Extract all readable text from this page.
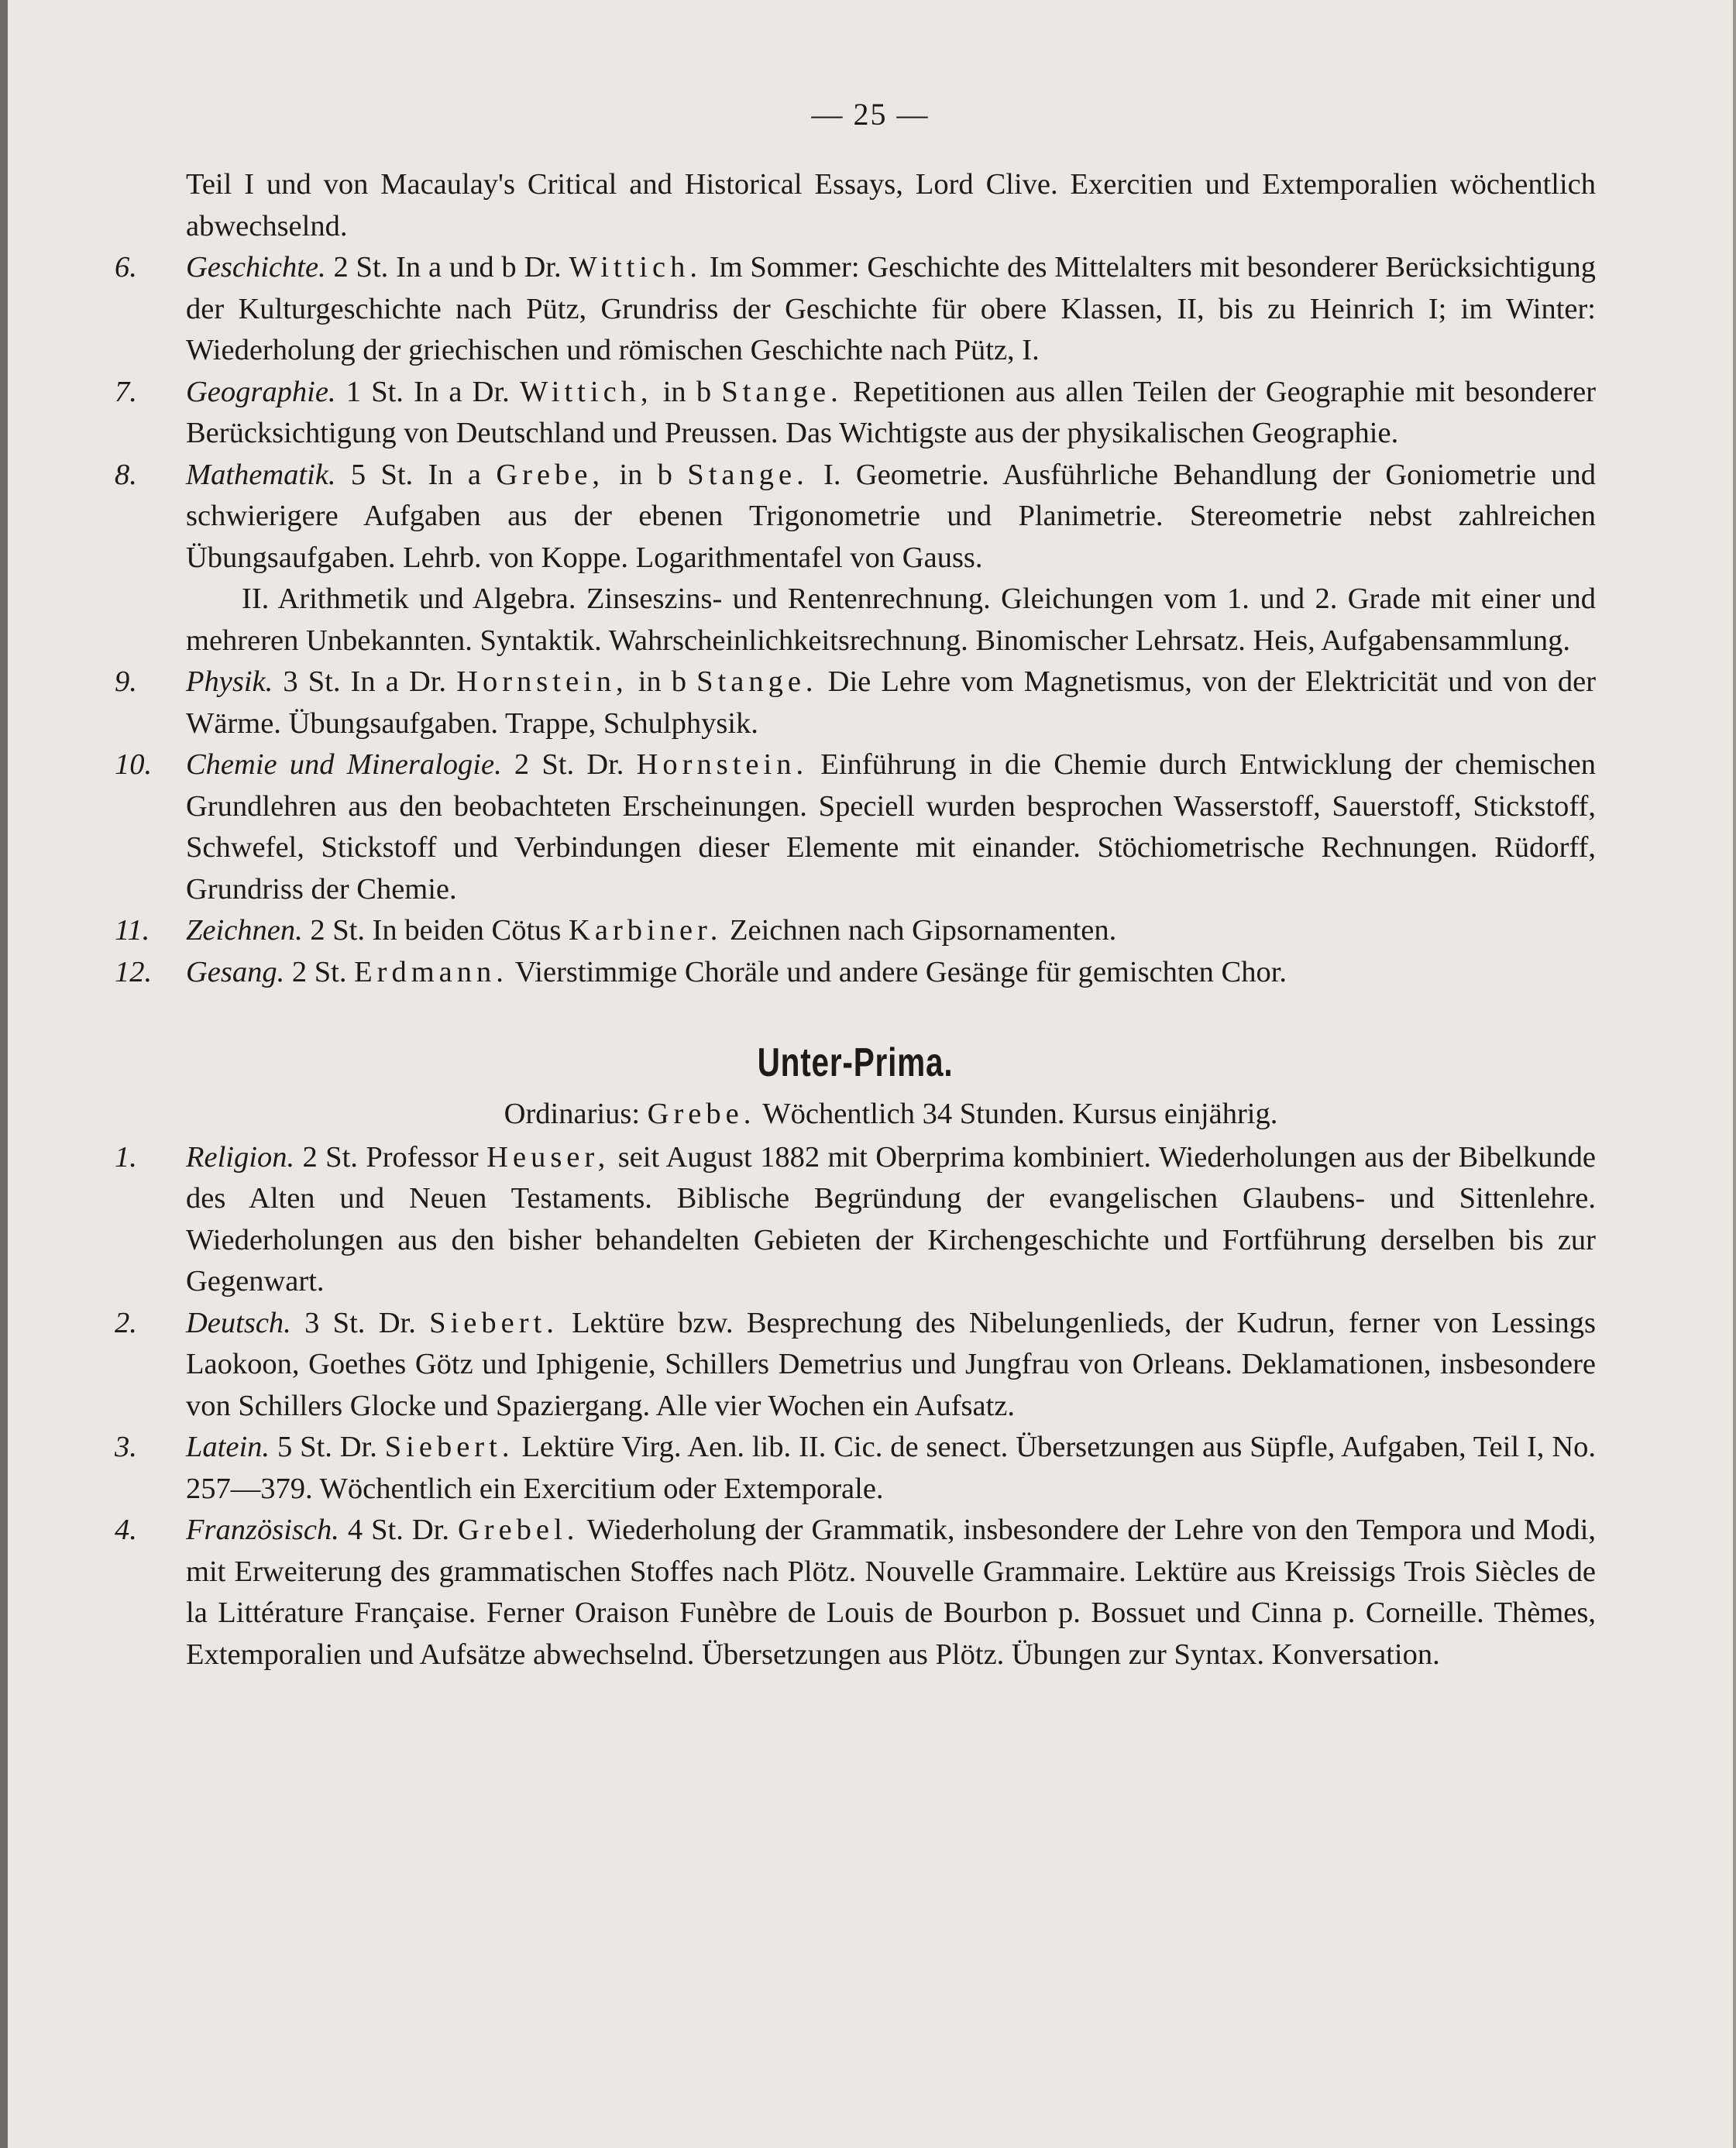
— 25 —

Teil I und von Macaulay's Critical and Historical Essays, Lord Clive. Exercitien und Extemporalien wöchentlich abwechselnd.

6. Geschichte. 2 St. In a und b Dr. Wittich. Im Sommer: Geschichte des Mittelalters mit besonderer Berücksichtigung der Kulturgeschichte nach Pütz, Grundriss der Geschichte für obere Klassen, II, bis zu Heinrich I; im Winter: Wiederholung der griechischen und römischen Geschichte nach Pütz, I.

7. Geographie. 1 St. In a Dr. Wittich, in b Stange. Repetitionen aus allen Teilen der Geographie mit besonderer Berücksichtigung von Deutschland und Preussen. Das Wichtigste aus der physikalischen Geographie.

8. Mathematik. 5 St. In a Grebe, in b Stange. I. Geometrie. Ausführliche Behandlung der Goniometrie und schwierigere Aufgaben aus der ebenen Trigonometrie und Planimetrie. Stereometrie nebst zahlreichen Übungsaufgaben. Lehrb. von Koppe. Logarithmentafel von Gauss.
II. Arithmetik und Algebra. Zinseszins- und Rentenrechnung. Gleichungen vom 1. und 2. Grade mit einer und mehreren Unbekannten. Syntaktik. Wahrscheinlichkeitsrechnung. Binomischer Lehrsatz. Heis, Aufgabensammlung.

9. Physik. 3 St. In a Dr. Hornstein, in b Stange. Die Lehre vom Magnetismus, von der Elektricität und von der Wärme. Übungsaufgaben. Trappe, Schulphysik.

10. Chemie und Mineralogie. 2 St. Dr. Hornstein. Einführung in die Chemie durch Entwicklung der chemischen Grundlehren aus den beobachteten Erscheinungen. Speciell wurden besprochen Wasserstoff, Sauerstoff, Stickstoff, Schwefel, Stickstoff und Verbindungen dieser Elemente mit einander. Stöchiometrische Rechnungen. Rüdorff, Grundriss der Chemie.

11. Zeichnen. 2 St. In beiden Cötus Karbiner. Zeichnen nach Gipsornamenten.

12. Gesang. 2 St. Erdmann. Vierstimmige Choräle und andere Gesänge für gemischten Chor.

Unter-Prima.
Ordinarius: Grebe. Wöchentlich 34 Stunden. Kursus einjährig.

1. Religion. 2 St. Professor Heuser, seit August 1882 mit Oberprima kombiniert. Wiederholungen aus der Bibelkunde des Alten und Neuen Testaments. Biblische Begründung der evangelischen Glaubens- und Sittenlehre. Wiederholungen aus den bisher behandelten Gebieten der Kirchengeschichte und Fortführung derselben bis zur Gegenwart.

2. Deutsch. 3 St. Dr. Siebert. Lektüre bzw. Besprechung des Nibelungenlieds, der Kudrun, ferner von Lessings Laokoon, Goethes Götz und Iphigenie, Schillers Demetrius und Jungfrau von Orleans. Deklamationen, insbesondere von Schillers Glocke und Spaziergang. Alle vier Wochen ein Aufsatz.

3. Latein. 5 St. Dr. Siebert. Lektüre Virg. Aen. lib. II. Cic. de senect. Übersetzungen aus Süpfle, Aufgaben, Teil I, No. 257—379. Wöchentlich ein Exercitium oder Extemporale.

4. Französisch. 4 St. Dr. Grebel. Wiederholung der Grammatik, insbesondere der Lehre von den Tempora und Modi, mit Erweiterung des grammatischen Stoffes nach Plötz. Nouvelle Grammaire. Lektüre aus Kreissigs Trois Siècles de la Littérature Française. Ferner Oraison Funèbre de Louis de Bourbon p. Bossuet und Cinna p. Corneille. Thèmes, Extemporalien und Aufsätze abwechselnd. Übersetzungen aus Plötz. Übungen zur Syntax. Konversation.
